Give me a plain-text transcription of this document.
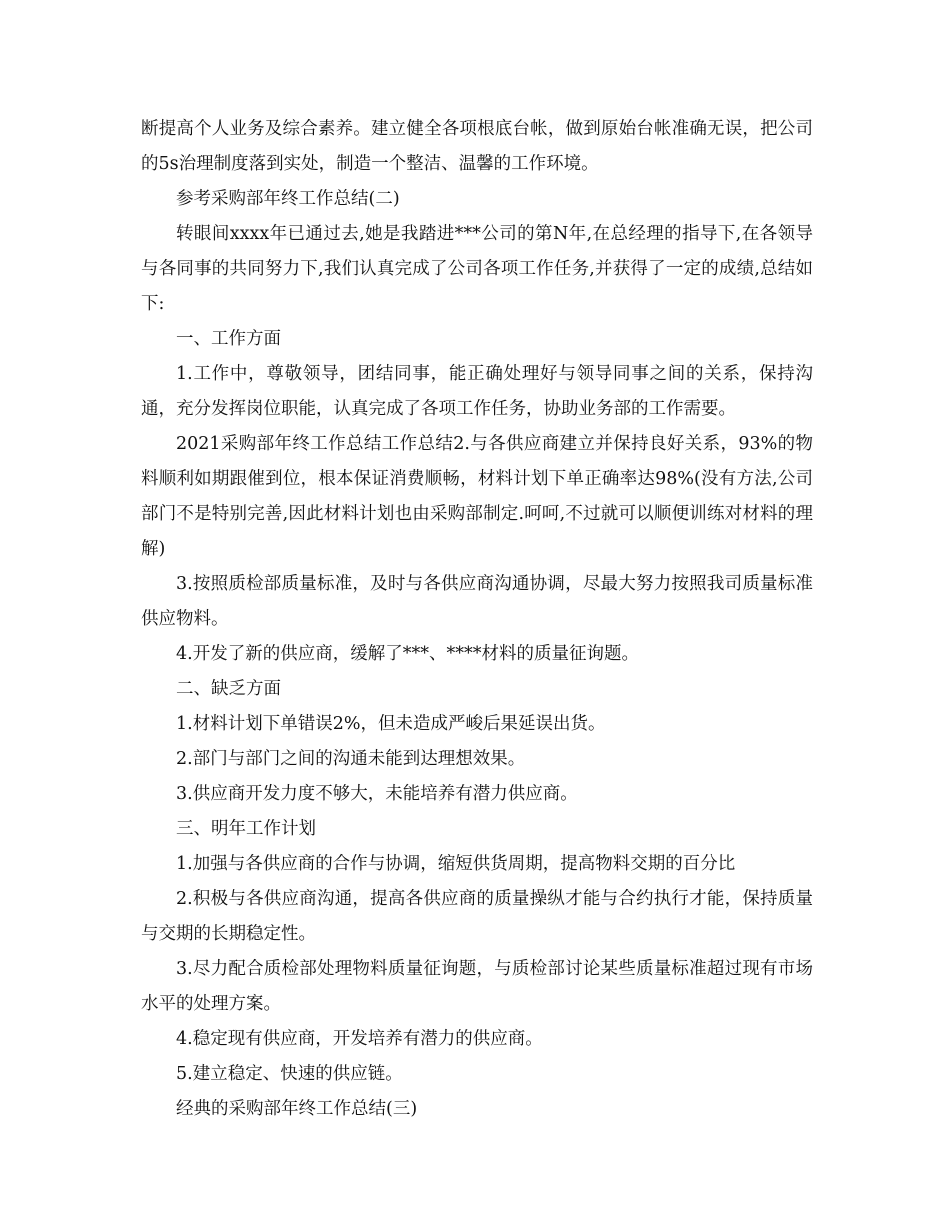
断提高个人业务及综合素养。建立健全各项根底台帐，做到原始台帐准确无误，把公司的5s治理制度落到实处，制造一个整洁、温馨的工作环境。

参考采购部年终工作总结(二)

转眼间xxxx年已通过去,她是我踏进***公司的第N年,在总经理的指导下,在各领导与各同事的共同努力下,我们认真完成了公司各项工作任务,并获得了一定的成绩,总结如下:

一、工作方面

1.工作中，尊敬领导，团结同事，能正确处理好与领导同事之间的关系，保持沟通，充分发挥岗位职能，认真完成了各项工作任务，协助业务部的工作需要。

2021采购部年终工作总结工作总结2.与各供应商建立并保持良好关系，93%的物料顺利如期跟催到位，根本保证消费顺畅，材料计划下单正确率达98%(没有方法,公司部门不是特别完善,因此材料计划也由采购部制定.呵呵,不过就可以顺便训练对材料的理解)

3.按照质检部质量标准，及时与各供应商沟通协调，尽最大努力按照我司质量标准供应物料。

4.开发了新的供应商，缓解了***、****材料的质量征询题。

二、缺乏方面

1.材料计划下单错误2%，但未造成严峻后果延误出货。

2.部门与部门之间的沟通未能到达理想效果。

3.供应商开发力度不够大，未能培养有潜力供应商。

三、明年工作计划

1.加强与各供应商的合作与协调，缩短供货周期，提高物料交期的百分比

2.积极与各供应商沟通，提高各供应商的质量操纵才能与合约执行才能，保持质量与交期的长期稳定性。

3.尽力配合质检部处理物料质量征询题，与质检部讨论某些质量标准超过现有市场水平的处理方案。

4.稳定现有供应商，开发培养有潜力的供应商。

5.建立稳定、快速的供应链。

经典的采购部年终工作总结(三)
